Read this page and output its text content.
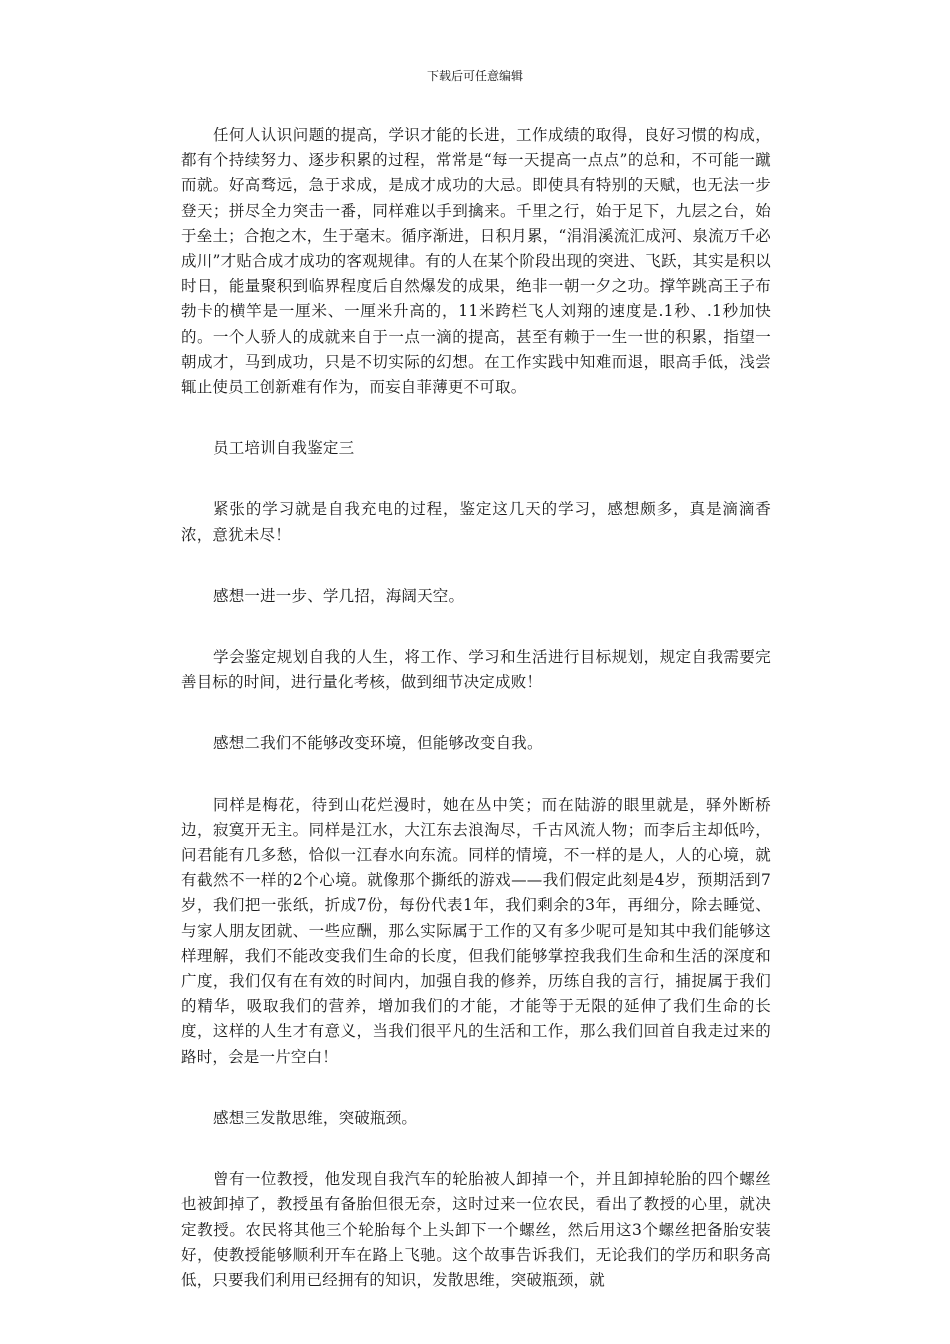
下载后可任意编辑

任何人认识问题的提高，学识才能的长进，工作成绩的取得，良好习惯的构成，都有个持续努力、逐步积累的过程，常常是“每一天提高一点点”的总和，不可能一蹴而就。好高骛远，急于求成，是成才成功的大忌。即使具有特别的天赋，也无法一步登天；拼尽全力突击一番，同样难以手到擒来。千里之行，始于足下，九层之台，始于垒土；合抱之木，生于毫末。循序渐进，日积月累，“涓涓溪流汇成河、泉流万千必成川”才贴合成才成功的客观规律。有的人在某个阶段出现的突进、飞跃，其实是积以时日，能量聚积到临界程度后自然爆发的成果，绝非一朝一夕之功。撑竿跳高王子布勃卡的横竿是一厘米、一厘米升高的，11米跨栏飞人刘翔的速度是.1秒、.1秒加快的。一个人骄人的成就来自于一点一滴的提高，甚至有赖于一生一世的积累，指望一朝成才，马到成功，只是不切实际的幻想。在工作实践中知难而退，眼高手低，浅尝辄止使员工创新难有作为，而妄自菲薄更不可取。

员工培训自我鉴定三

紧张的学习就是自我充电的过程，鉴定这几天的学习，感想颇多，真是滴滴香浓，意犹未尽！

感想一进一步、学几招，海阔天空。

学会鉴定规划自我的人生，将工作、学习和生活进行目标规划，规定自我需要完善目标的时间，进行量化考核，做到细节决定成败！

感想二我们不能够改变环境，但能够改变自我。

同样是梅花，待到山花烂漫时，她在丛中笑；而在陆游的眼里就是，驿外断桥边，寂寞开无主。同样是江水，大江东去浪淘尽，千古风流人物；而李后主却低吟，问君能有几多愁，恰似一江春水向东流。同样的情境，不一样的是人，人的心境，就有截然不一样的2个心境。就像那个撕纸的游戏——我们假定此刻是4岁，预期活到7岁，我们把一张纸，折成7份，每份代表1年，我们剩余的3年，再细分，除去睡觉、与家人朋友团就、一些应酬，那么实际属于工作的又有多少呢可是知其中我们能够这样理解，我们不能改变我们生命的长度，但我们能够掌控我我们生命和生活的深度和广度，我们仅有在有效的时间内，加强自我的修养，历练自我的言行，捕捉属于我们的精华，吸取我们的营养，增加我们的才能，才能等于无限的延伸了我们生命的长度，这样的人生才有意义，当我们很平凡的生活和工作，那么我们回首自我走过来的路时，会是一片空白！

感想三发散思维，突破瓶颈。

曾有一位教授，他发现自我汽车的轮胎被人卸掉一个，并且卸掉轮胎的四个螺丝也被卸掉了，教授虽有备胎但很无奈，这时过来一位农民，看出了教授的心里，就决定教授。农民将其他三个轮胎每个上头卸下一个螺丝，然后用这3个螺丝把备胎安装好，使教授能够顺利开车在路上飞驰。这个故事告诉我们，无论我们的学历和职务高低，只要我们利用已经拥有的知识，发散思维，突破瓶颈，就
